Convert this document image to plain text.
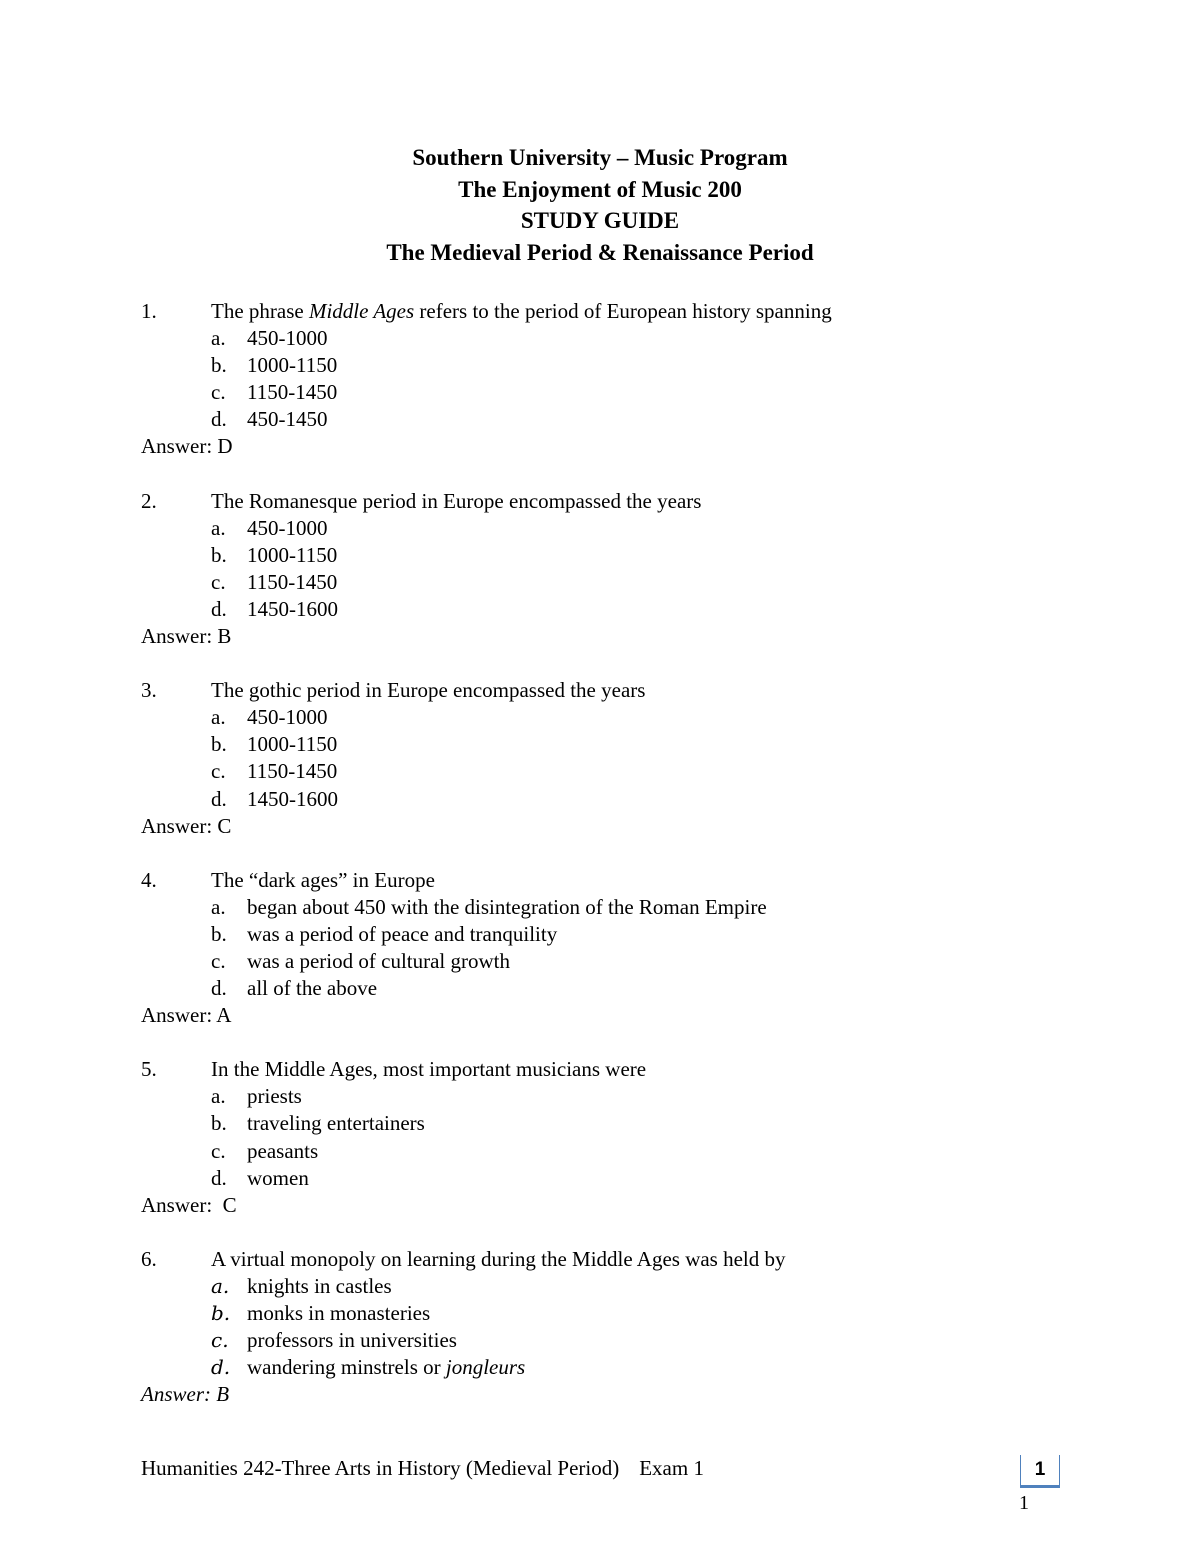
Southern University – Music Program
The Enjoyment of Music 200
STUDY GUIDE
The Medieval Period & Renaissance Period
1.	The phrase Middle Ages refers to the period of European history spanning
a.	450-1000
b. 1000-1150
c.	1150-1450
d. 450-1450
Answer: D
2.	The Romanesque period in Europe encompassed the years
a.	450-1000
b. 1000-1150
c.	1150-1450
d. 1450-1600
Answer: B
3.	The gothic period in Europe encompassed the years
a.	450-1000
b. 1000-1150
c.	1150-1450
d. 1450-1600
Answer: C
4.	The “dark ages” in Europe
a.	began about 450 with the disintegration of the Roman Empire
b. was a period of peace and tranquility
c.	was a period of cultural growth
d. all of the above
Answer: A
5.	In the Middle Ages, most important musicians were
a.	priests
b. traveling entertainers
c.	peasants
d. women
Answer:  C
6.	A virtual monopoly on learning during the Middle Ages was held by
a. knights in castles
b. monks in monasteries
c. professors in universities
d. wandering minstrels or jongleurs
Answer: B
Humanities 242-Three Arts in History (Medieval Period) Exam 1	1
1
